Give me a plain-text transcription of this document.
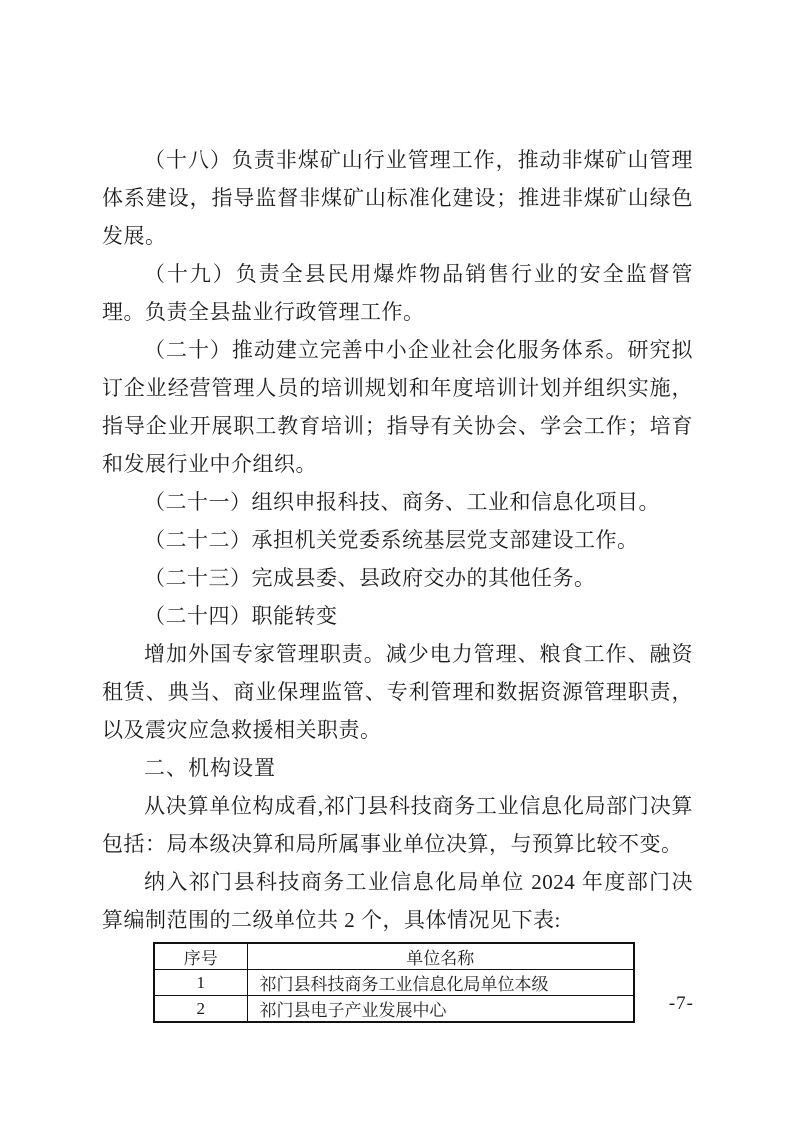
（十八）负责非煤矿山行业管理工作，推动非煤矿山管理体系建设，指导监督非煤矿山标准化建设；推进非煤矿山绿色发展。

（十九）负责全县民用爆炸物品销售行业的安全监督管理。负责全县盐业行政管理工作。

（二十）推动建立完善中小企业社会化服务体系。研究拟订企业经营管理人员的培训规划和年度培训计划并组织实施，指导企业开展职工教育培训；指导有关协会、学会工作；培育和发展行业中介组织。

（二十一）组织申报科技、商务、工业和信息化项目。

（二十二）承担机关党委系统基层党支部建设工作。

（二十三）完成县委、县政府交办的其他任务。

（二十四）职能转变

增加外国专家管理职责。减少电力管理、粮食工作、融资租赁、典当、商业保理监管、专利管理和数据资源管理职责，以及震灾应急救援相关职责。

二、机构设置

从决算单位构成看,祁门县科技商务工业信息化局部门决算包括：局本级决算和局所属事业单位决算，与预算比较不变。

纳入祁门县科技商务工业信息化局单位 2024 年度部门决算编制范围的二级单位共 2 个，具体情况见下表:

序号	单位名称
1	祁门县科技商务工业信息化局单位本级
2	祁门县电子产业发展中心	-7-
